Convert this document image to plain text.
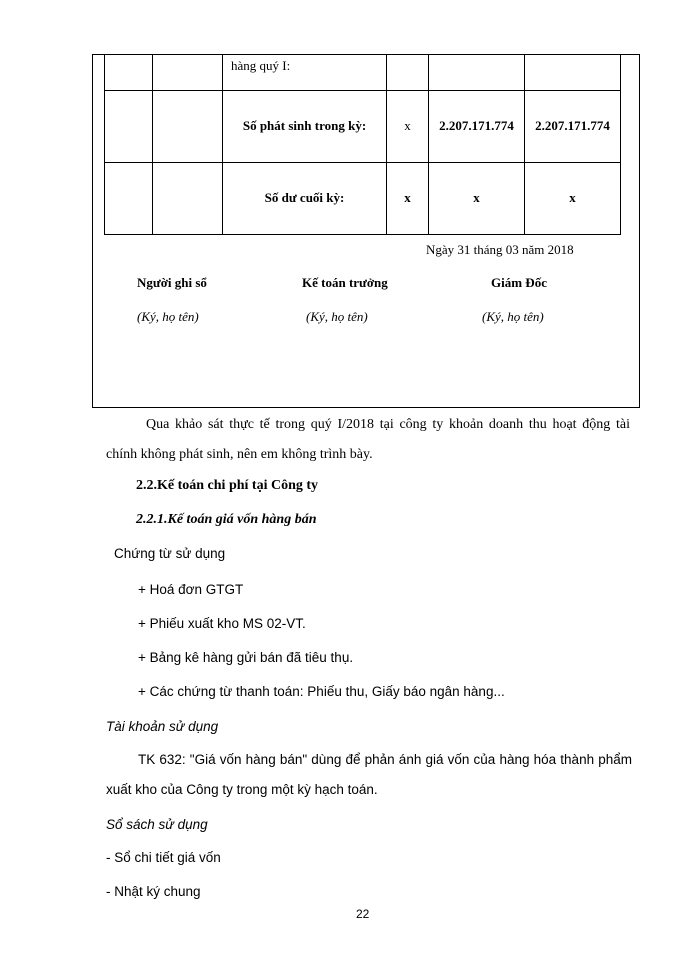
		hàng quý I:			
		Số phát sinh trong kỳ:	x	2.207.171.774	2.207.171.774
		Số dư cuối kỳ:	x	x	x
Ngày 31 tháng 03 năm 2018
Người ghi sổ	Kế toán trưởng	Giám Đốc
(Ký, họ tên)	(Ký, họ tên)	(Ký, họ tên)
Qua khảo sát thực tế trong quý I/2018 tại công ty khoản doanh thu hoạt động tài
chính không phát sinh, nên em không trình bày.
2.2.Kế toán chi phí tại Công ty
2.2.1.Kế toán giá vốn hàng bán
Chứng từ sử dụng
+ Hoá đơn GTGT
+ Phiếu xuất kho MS 02-VT.
+ Bảng kê hàng gửi bán đã tiêu thụ.
+ Các chứng từ thanh toán: Phiếu thu, Giấy báo ngân hàng...
Tài khoản sử dụng
TK 632: "Giá vốn hàng bán" dùng để phản ánh giá vốn của hàng hóa thành phẩm
xuất kho của Công ty trong một kỳ hạch toán.
Sổ sách sử dụng
- Sổ chi tiết giá vốn
- Nhật ký chung
22
